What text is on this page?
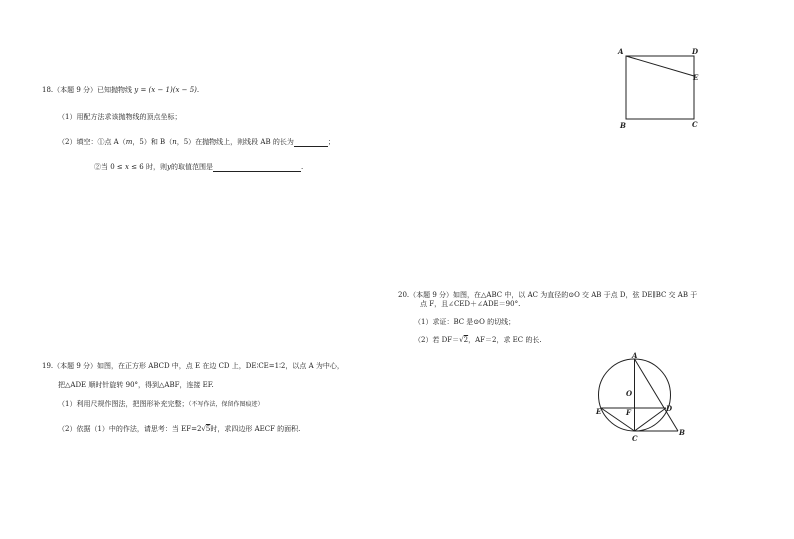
18.（本题 9 分）已知抛物线 y = (x − 1)(x − 5).
（1）用配方法求该抛物线的顶点坐标；
（2）填空：①点 A（m，5）和 B（n，5）在抛物线上，则线段 AB 的长为	；
②当 0 ≤ x ≤ 6 时，则y的取值范围是	.
A	D
E
B	C
20.（本题 9 分）如图，在△ABC 中，以 AC 为直径的⊙O 交 AB 于点 D，弦 DE∥BC 交 AB 于
点 F，且∠CED＋∠ADE＝90°.
（1）求证：BC 是⊙O 的切线；
（2）若 DF＝√2，AF＝2，求 EC 的长.
19.（本题 9 分）如图，在正方形 ABCD 中，点 E 在边 CD 上，DE∶CE=1∶2，以点 A 为中心，
把△ADE 顺时针旋转 90°，得到△ABF，连接 EF.
（1）利用尺规作图法，把图形补充完整；（不写作法，保留作图痕迹）
（2）依据（1）中的作法，请思考：当 EF=2√5时，求四边形 AECF 的面积.
A
O
F	D
E
C
B
